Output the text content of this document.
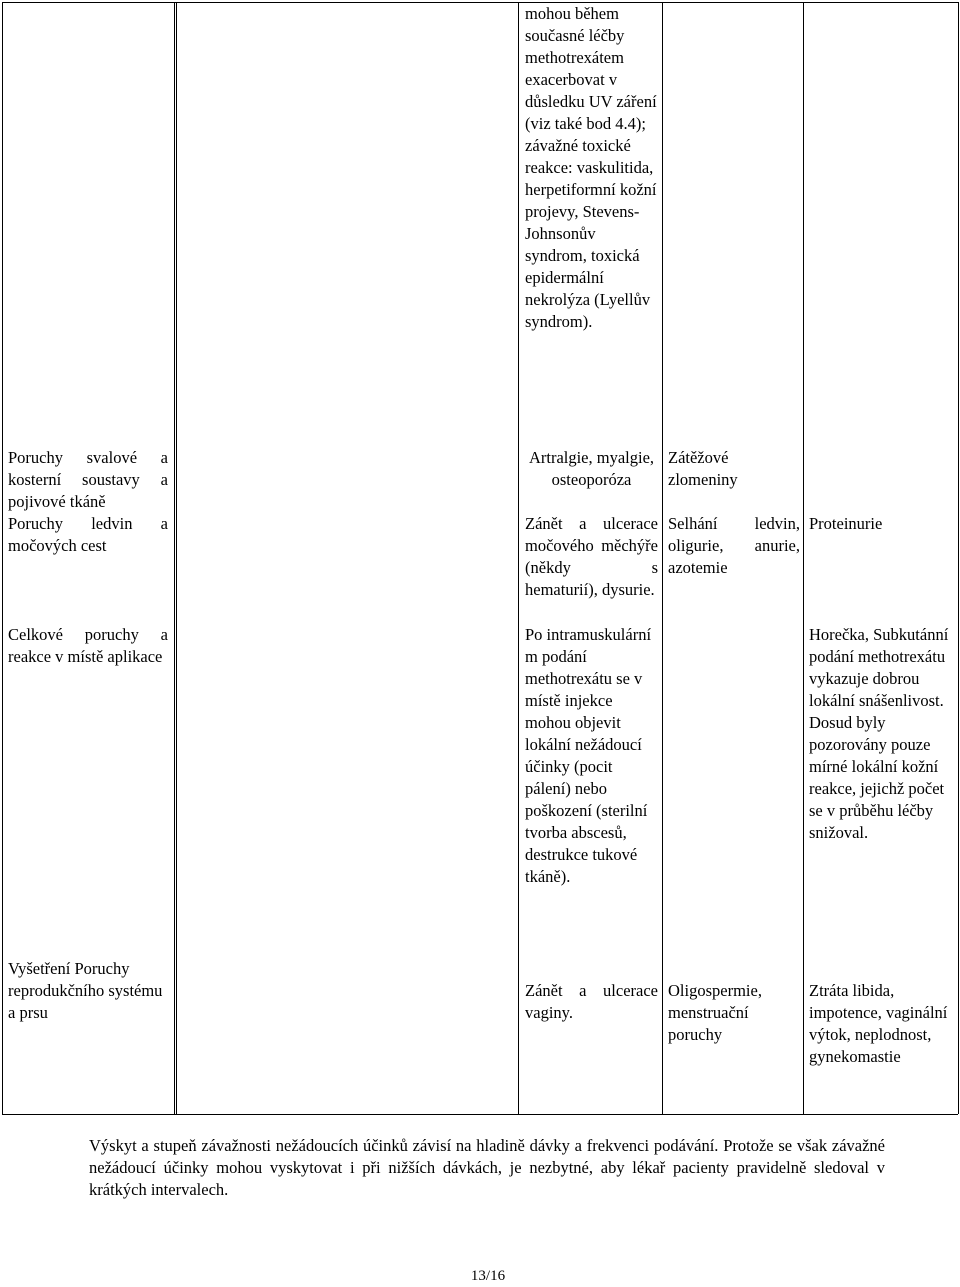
mohou během současné léčby methotrexátem exacerbovat v důsledku UV záření (viz také bod 4.4); závažné toxické reakce: vaskulitida, herpetiformní kožní projevy, Stevens-Johnsonův syndrom, toxická epidermální nekrolýza (Lyellův syndrom).
Poruchy svalové a kosterní soustavy a pojivové tkáně
Artralgie, myalgie, osteoporóza
Zátěžové zlomeniny
Poruchy ledvin a močových cest
Zánět a ulcerace močového měchýře (někdy s hematurií), dysurie.
Selhání ledvin, oligurie, anurie, azotemie
Proteinurie
Celkové poruchy a reakce v místě aplikace
Po intramuskulární m podání methotrexátu se v místě injekce mohou objevit lokální nežádoucí účinky (pocit pálení) nebo poškození (sterilní tvorba abscesů, destrukce tukové tkáně).
Horečka, Subkutánní podání methotrexátu vykazuje dobrou lokální snášenlivost. Dosud byly pozorovány pouze mírné lokální kožní reakce, jejichž počet se v průběhu léčby snižoval.
Vyšetření Poruchy reprodukčního systému a prsu
Zánět a ulcerace vaginy.
Oligospermie, menstruační poruchy
Ztráta libida, impotence, vaginální výtok, neplodnost, gynekomastie
Výskyt a stupeň závažnosti nežádoucích účinků závisí na hladině dávky a frekvenci podávání. Protože se však závažné nežádoucí účinky mohou vyskytovat i při nižších dávkách, je nezbytné, aby lékař pacienty pravidelně sledoval v krátkých intervalech.
13/16
